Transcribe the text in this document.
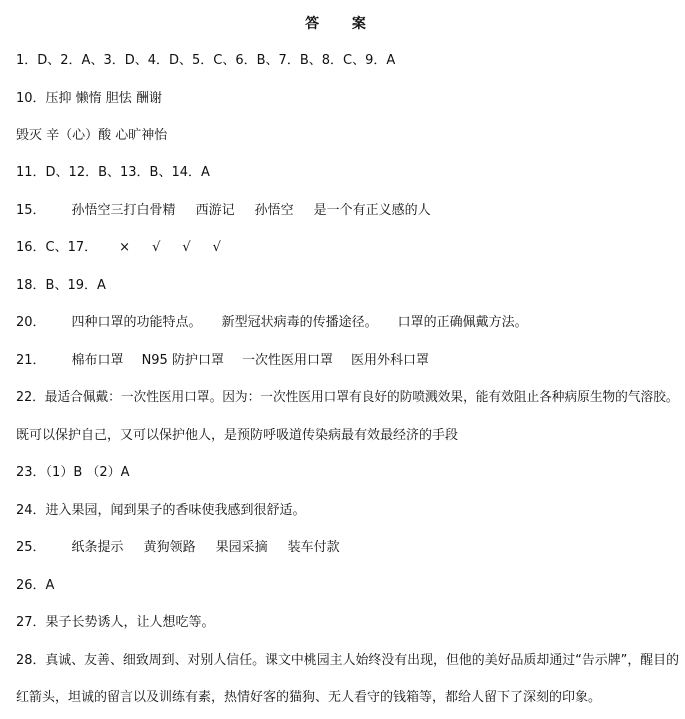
答 案
1．D、2．A、3．D、4．D、5．C、6．B、7．B、8．C、9．A
10．压抑 懒惰 胆怯 酬谢
毁灭 辛（心）酸 心旷神怡
11．D、12．B、13．B、14．A
15． 孙悟空三打白骨精 西游记 孙悟空 是一个有正义感的人
16．C、17． × √ √ √
18．B、19．A
20． 四种口罩的功能特点。 新型冠状病毒的传播途径。 口罩的正确佩戴方法。
21． 棉布口罩 N95 防护口罩 一次性医用口罩 医用外科口罩
22．最适合佩戴：一次性医用口罩。因为：一次性医用口罩有良好的防喷溅效果，能有效阻止各种病原生物的气溶胶。
既可以保护自己，又可以保护他人，是预防呼吸道传染病最有效最经济的手段
23．（1）B （2）A
24．进入果园，闻到果子的香味使我感到很舒适。
25． 纸条提示 黄狗领路 果园采摘 装车付款
26．A
27．果子长势诱人，让人想吃等。
28．真诚、友善、细致周到、对别人信任。课文中桃园主人始终没有出现，但他的美好品质却通过“告示牌”，醒目的
红箭头，坦诚的留言以及训练有素，热情好客的猫狗、无人看守的钱箱等，都给人留下了深刻的印象。
